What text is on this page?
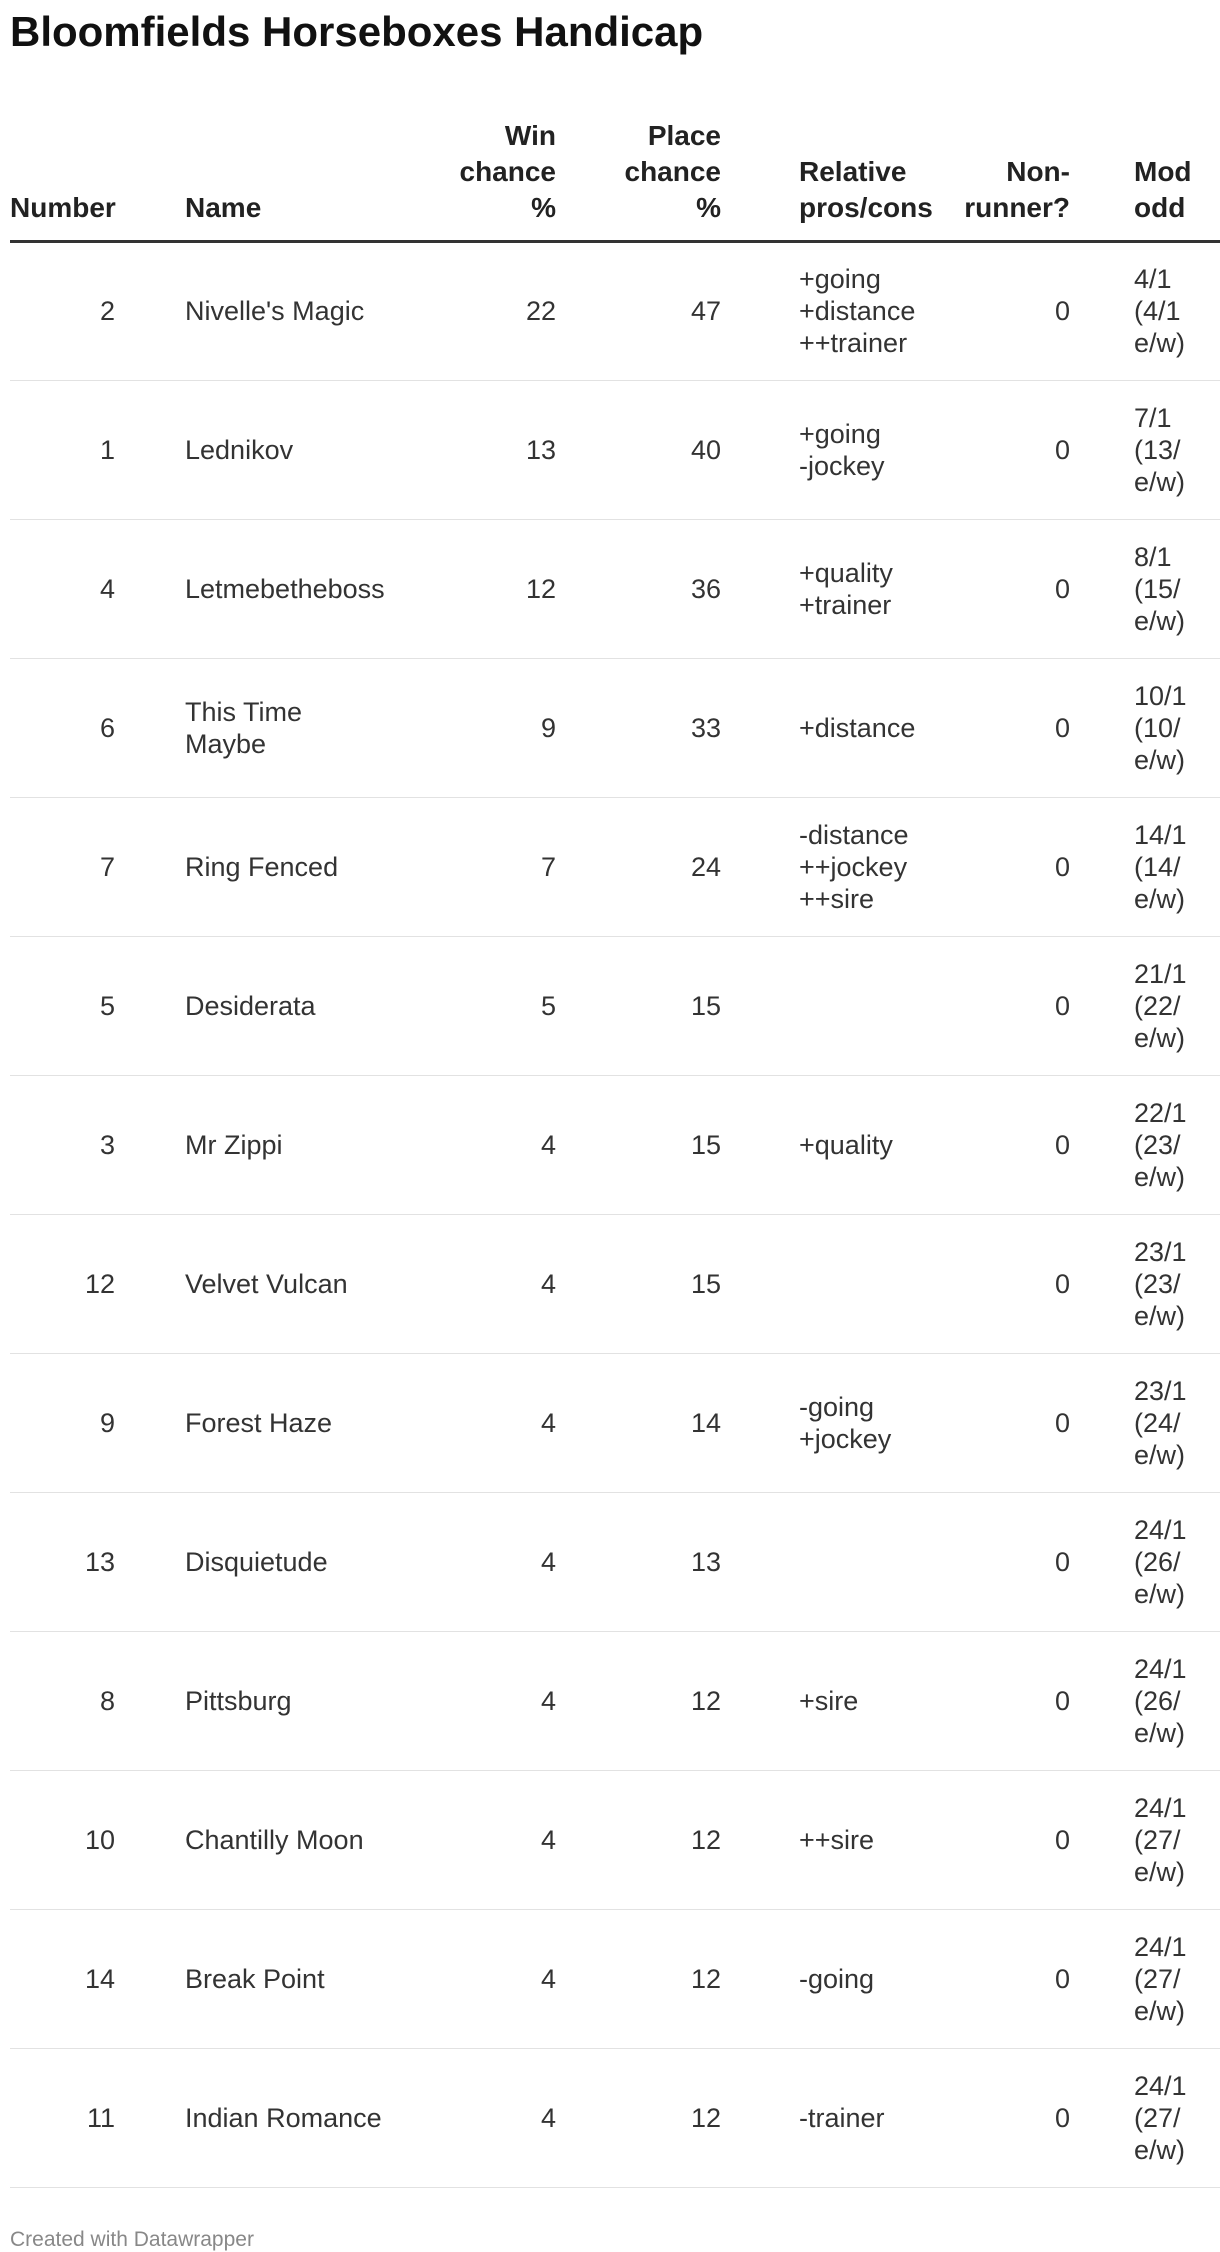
Bloomfields Horseboxes Handicap
Number	Name	Win
chance
%	Place
chance
%	Relative
pros/cons	Non-
runner?	Mod
odd

2	Nivelle's Magic	22	47	+going
+distance
++trainer	0	4/1
(4/1
e/w)

1	Lednikov	13	40	+going
-jockey	0	7/1
(13/
e/w)

4	Letmebetheboss	12	36	+quality
+trainer	0	8/1
(15/
e/w)

6	This Time
Maybe	9	33	+distance	0	10/1
(10/
e/w)

7	Ring Fenced	7	24	-distance
++jockey
++sire	0	14/1
(14/
e/w)

5	Desiderata	5	15		0	21/1
(22/
e/w)

3	Mr Zippi	4	15	+quality	0	22/1
(23/
e/w)

12	Velvet Vulcan	4	15		0	23/1
(23/
e/w)

9	Forest Haze	4	14	-going
+jockey	0	23/1
(24/
e/w)

13	Disquietude	4	13		0	24/1
(26/
e/w)

8	Pittsburg	4	12	+sire	0	24/1
(26/
e/w)

10	Chantilly Moon	4	12	++sire	0	24/1
(27/
e/w)

14	Break Point	4	12	-going	0	24/1
(27/
e/w)

11	Indian Romance	4	12	-trainer	0	24/1
(27/
e/w)
Created with Datawrapper
